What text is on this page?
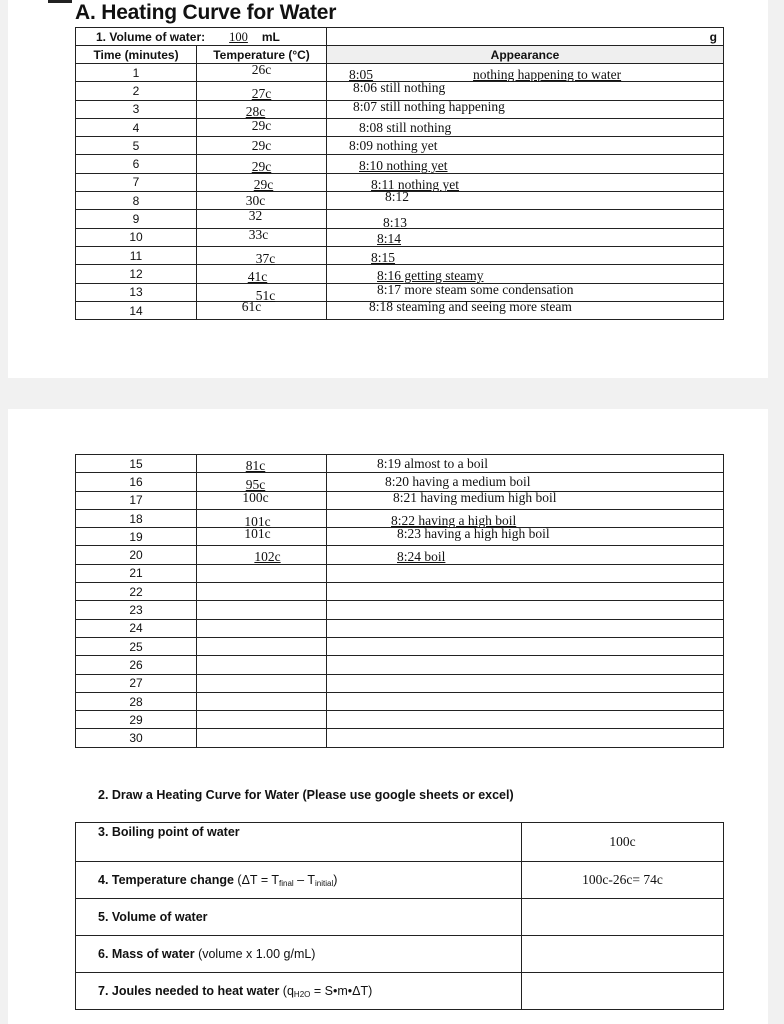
A. Heating Curve for Water
1. Volume of water: 100 mL		g
Time (minutes)	Temperature (°C)	Appearance
1	26c	8:05 nothing happening to water
2	27c	8:06 still nothing
3	28c	8:07 still nothing happening
4	29c	8:08 still nothing
5	29c	8:09 nothing yet
6	29c	8:10 nothing yet
7	29c	8:11 nothing yet
8	30c	8:12
9	32	8:13
10	33c	8:14
11	37c	8:15
12	41c	8:16 getting steamy
13	51c	8:17 more steam some condensation
14	61c	8:18 steaming and seeing more steam
15	81c	8:19 almost to a boil
16	95c	8:20 having a medium boil
17	100c	8:21 having medium high boil
18	101c	8:22 having a high boil
19	101c	8:23 having a high high boil
20	102c	8:24 boil
21		
22		
23		
24		
25		
26		
27		
28		
29		
30		
2. Draw a Heating Curve for Water (Please use google sheets or excel)
3. Boiling point of water	100c
4. Temperature change $(\Delta T = T_{final} - T_{initial})$	100c-26c= 74c
5. Volume of water	
6. Mass of water (volume x 1.00 g/mL)	
7. Joules needed to heat water ($q_{H2O}$ = S•m•ΔT)	
